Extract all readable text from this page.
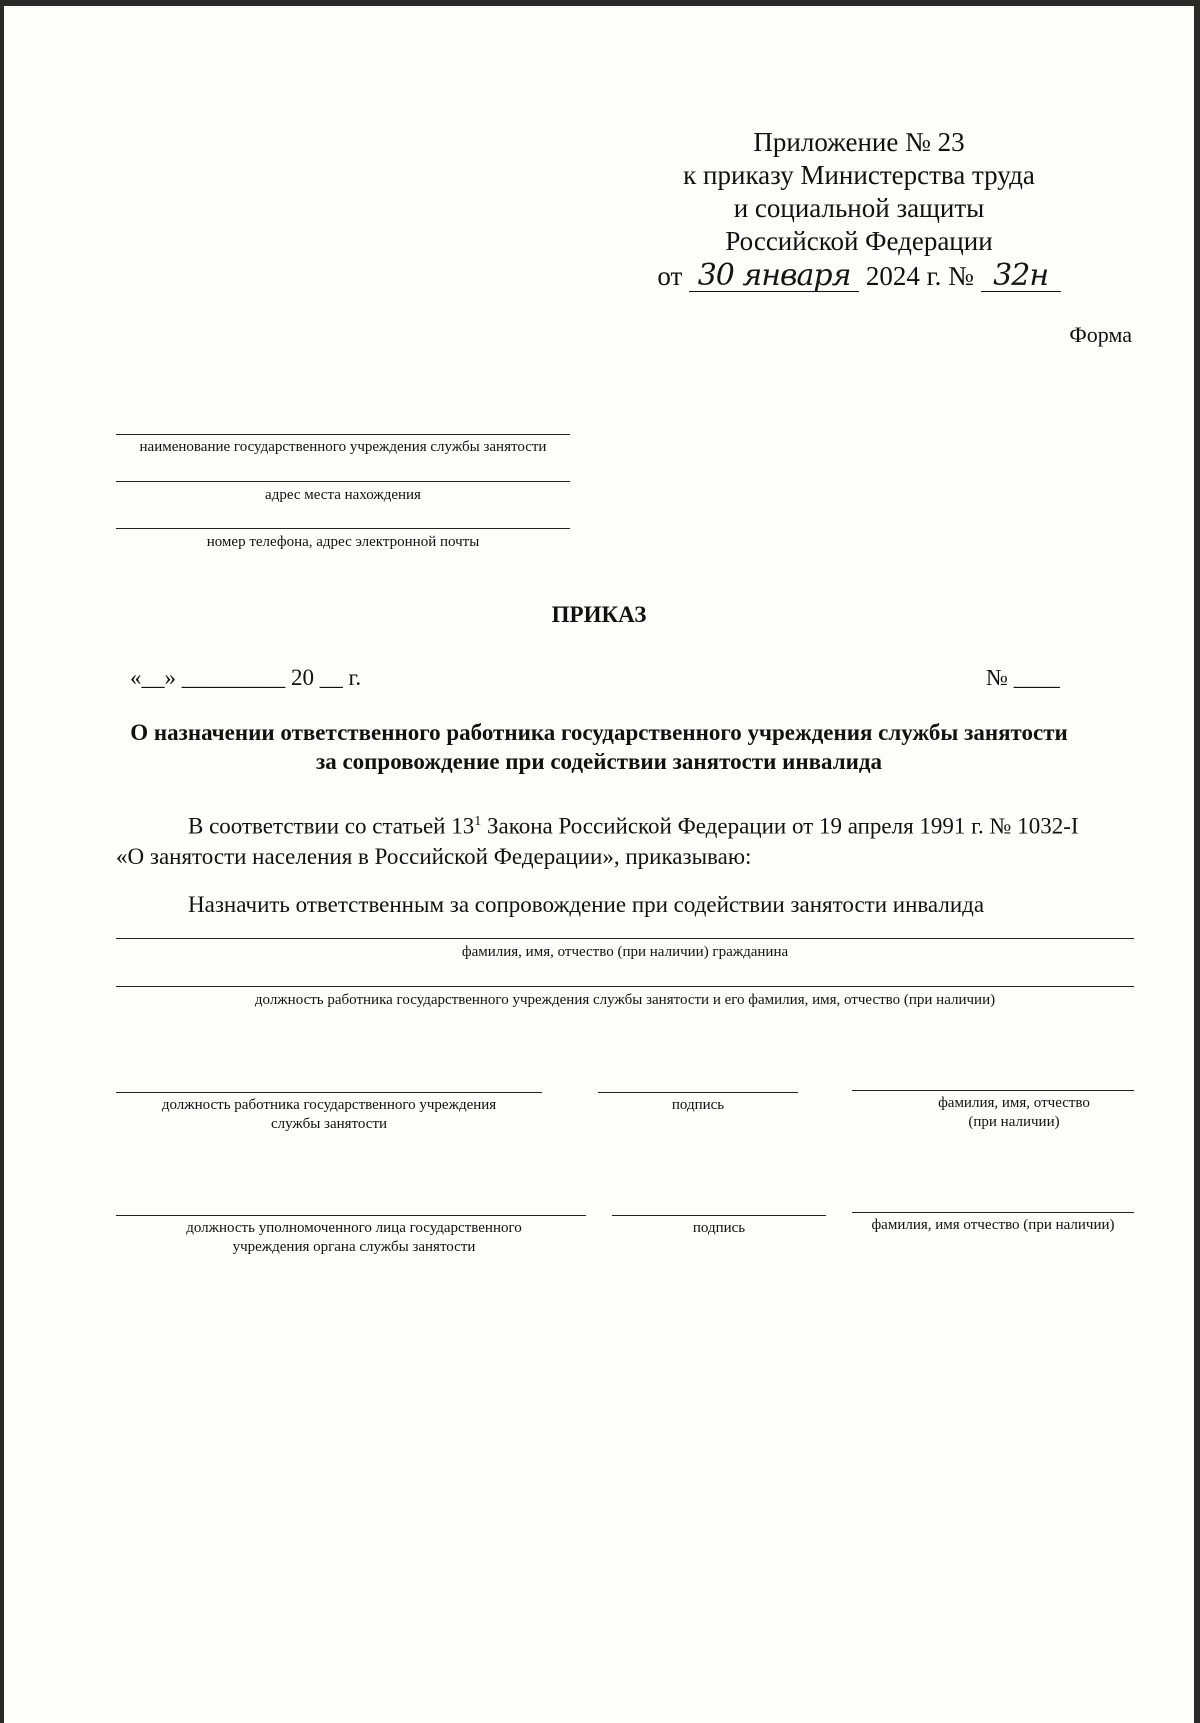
Приложение № 23
к приказу Министерства труда
и социальной защиты
Российской Федерации
от 30 января 2024 г. № 32н
Форма
наименование государственного учреждения службы занятости
адрес места нахождения
номер телефона, адрес электронной почты
ПРИКАЗ
«__» _________ 20 __ г.	№ ____
О назначении ответственного работника государственного учреждения службы занятости
за сопровождение при содействии занятости инвалида
В соответствии со статьей $13^1$ Закона Российской Федерации от 19 апреля 1991 г. № 1032-I
«О занятости населения в Российской Федерации», приказываю:
Назначить ответственным за сопровождение при содействии занятости инвалида
фамилия, имя, отчество (при наличии) гражданина
должность работника государственного учреждения службы занятости и его фамилия, имя, отчество (при наличии)
должность работника государственного учреждения службы занятости
подпись	фамилия, имя, отчество (при наличии)
должность уполномоченного лица государственного учреждения органа службы занятости
подпись	фамилия, имя отчество (при наличии)
